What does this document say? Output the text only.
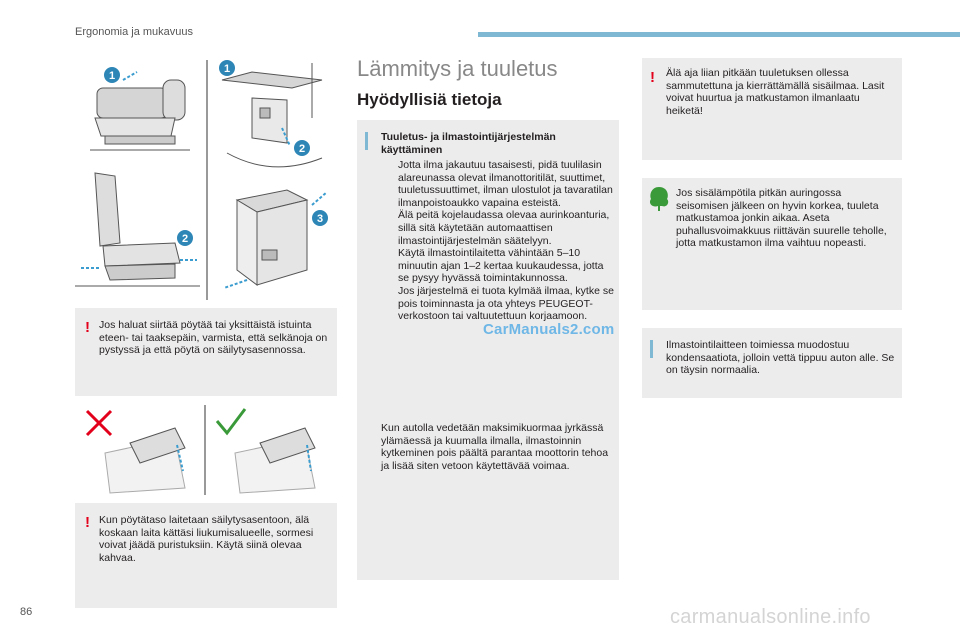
Ergonomia ja mukavuus
1
1
2
2
3
! Jos haluat siirtää pöytää tai yksittäistä istuinta eteen- tai taaksepäin, varmista, että selkänoja on pystyssä ja että pöytä on säilytysasennossa.
! Kun pöytätaso laitetaan säilytysasentoon, älä koskaan laita kättäsi liukumisalueelle, sormesi voivat jäädä puristuksiin. Käytä siinä olevaa kahvaa.
Lämmitys ja tuuletus
Hyödyllisiä tietoja
Tuuletus- ja ilmastointijärjestelmän käyttäminen
Jotta ilma jakautuu tasaisesti, pidä tuulilasin alareunassa olevat ilmanottoritilät, suuttimet, tuuletussuuttimet, ilman ulostulot ja tavaratilan ilmanpoistoaukko vapaina esteistä.
Älä peitä kojelaudassa olevaa aurinkoanturia, sillä sitä käytetään automaattisen ilmastointijärjestelmän säätelyyn.
Käytä ilmastointilaitetta vähintään 5–10 minuutin ajan 1–2 kertaa kuukaudessa, jotta se pysyy hyvässä toimintakunnossa.
Jos järjestelmä ei tuota kylmää ilmaa, kytke se pois toiminnasta ja ota yhteys PEUGEOT-verkostoon tai valtuutettuun korjaamoon.
Kun autolla vedetään maksimikuormaa jyrkässä ylämäessä ja kuumalla ilmalla, ilmastoinnin kytkeminen pois päältä parantaa moottorin tehoa ja lisää siten vetoon käytettävää voimaa.
CarManuals2.com
! Älä aja liian pitkään tuuletuksen ollessa sammutettuna ja kierrättämällä sisäilmaa. Lasit voivat huurtua ja matkustamon ilmanlaatu heiketä!
Jos sisälämpötila pitkän auringossa seisomisen jälkeen on hyvin korkea, tuuleta matkustamoa jonkin aikaa. Aseta puhallusvoimakkuus riittävän suurelle teholle, jotta matkustamon ilma vaihtuu nopeasti.
Ilmastointilaitteen toimiessa muodostuu kondensaatiota, jolloin vettä tippuu auton alle. Se on täysin normaalia.
86	carmanualsonline.info
